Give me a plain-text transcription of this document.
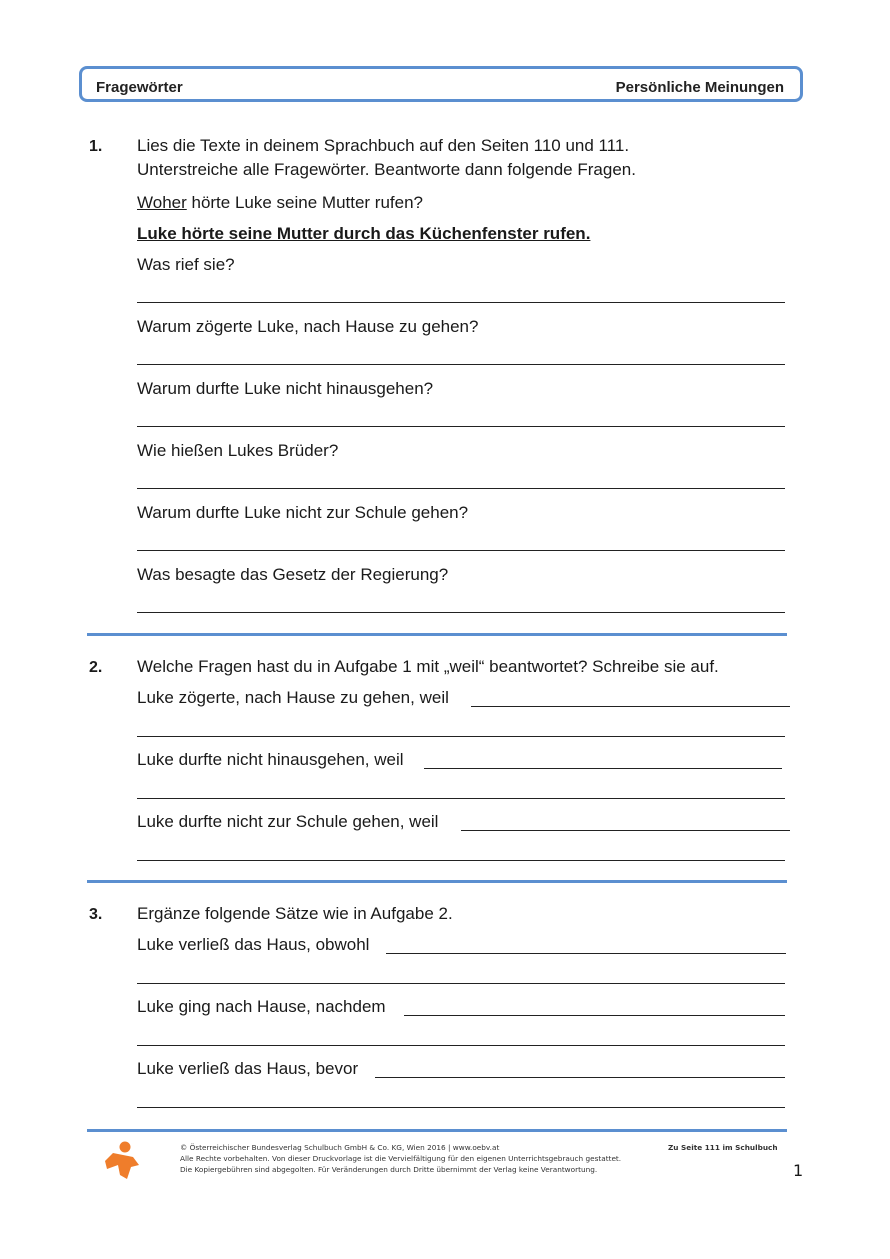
Fragewörter	Persönliche Meinungen
1. Lies die Texte in deinem Sprachbuch auf den Seiten 110 und 111.
Unterstreiche alle Fragewörter. Beantworte dann folgende Fragen.
Woher hörte Luke seine Mutter rufen?
Luke hörte seine Mutter durch das Küchenfenster rufen.
Was rief sie?
Warum zögerte Luke, nach Hause zu gehen?
Warum durfte Luke nicht hinausgehen?
Wie hießen Lukes Brüder?
Warum durfte Luke nicht zur Schule gehen?
Was besagte das Gesetz der Regierung?
2. Welche Fragen hast du in Aufgabe 1 mit „weil“ beantwortet? Schreibe sie auf.
Luke zögerte, nach Hause zu gehen, weil
Luke durfte nicht hinausgehen, weil
Luke durfte nicht zur Schule gehen, weil
3. Ergänze folgende Sätze wie in Aufgabe 2.
Luke verließ das Haus, obwohl
Luke ging nach Hause, nachdem
Luke verließ das Haus, bevor
© Österreichischer Bundesverlag Schulbuch GmbH & Co. KG, Wien 2016 | www.oebv.at
Alle Rechte vorbehalten. Von dieser Druckvorlage ist die Vervielfältigung für den eigenen Unterrichtsgebrauch gestattet.
Die Kopiergebühren sind abgegolten. Für Veränderungen durch Dritte übernimmt der Verlag keine Verantwortung.
Zu Seite 111 im Schulbuch
1
